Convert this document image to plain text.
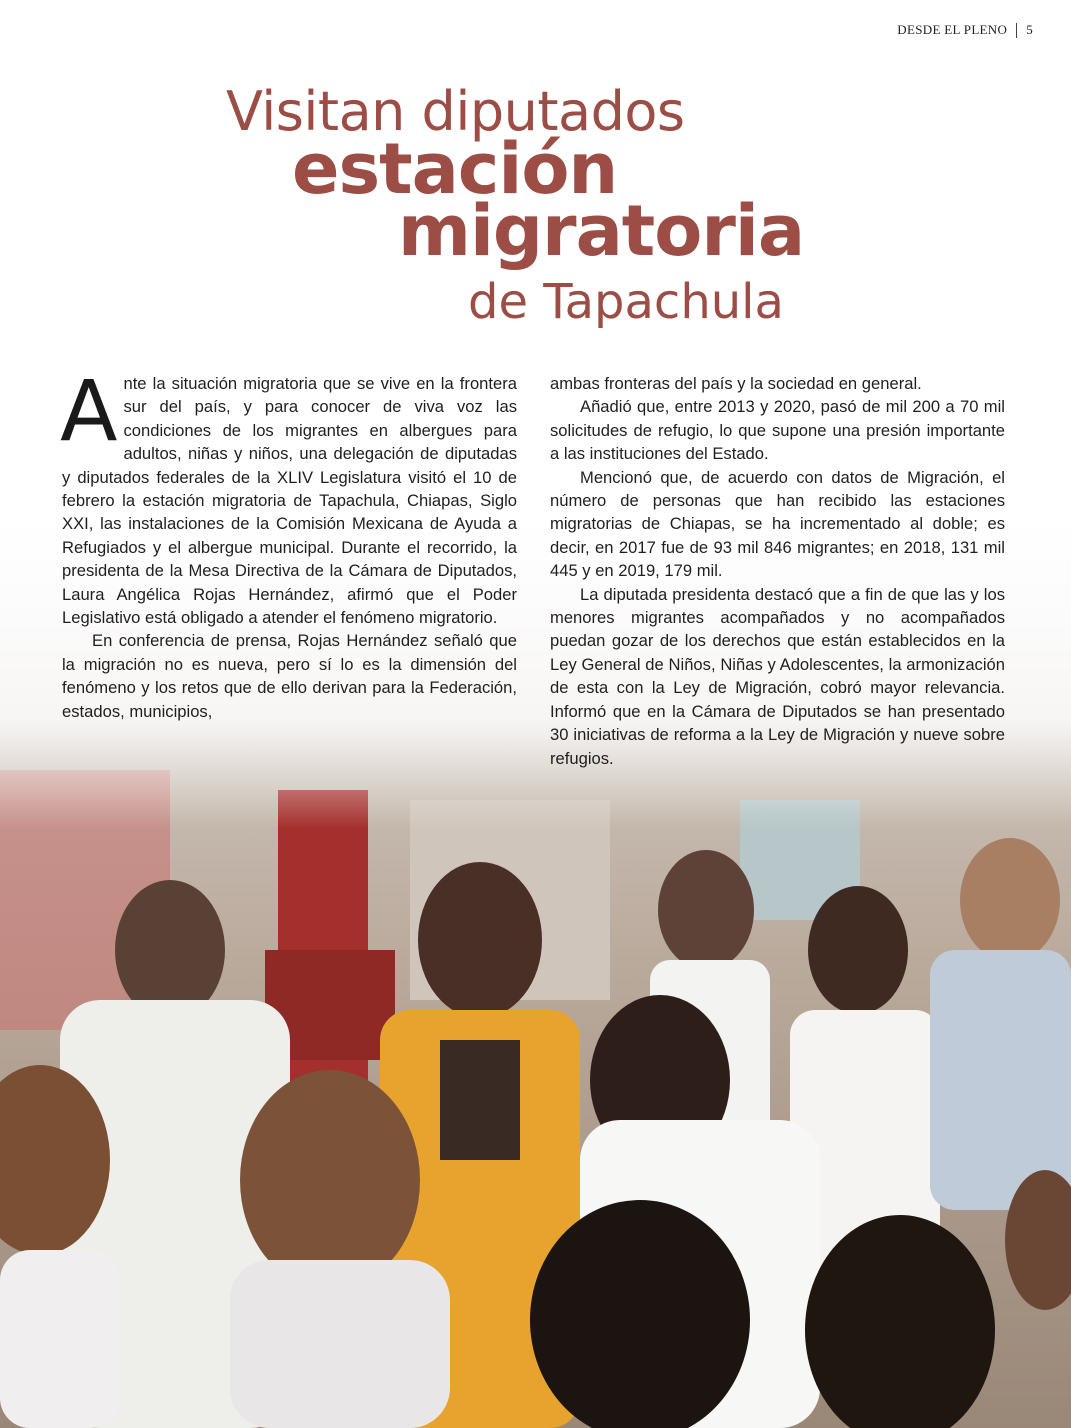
DESDE EL PLENO 5
Visitan diputados
estación
migratoria
de Tapachula

Ante la situación migratoria que se vive en la frontera sur del país, y para conocer de viva voz las condiciones de los migrantes en albergues para adultos, niñas y niños, una delegación de diputadas y diputados federales de la XLIV Legislatura visitó el 10 de febrero la estación migratoria de Tapachula, Chiapas, Siglo XXI, las instalaciones de la Comisión Mexicana de Ayuda a Refugiados y el albergue municipal. Durante el recorrido, la presidenta de la Mesa Directiva de la Cámara de Diputados, Laura Angélica Rojas Hernández, afirmó que el Poder Legislativo está obligado a atender el fenómeno migratorio.

En conferencia de prensa, Rojas Hernández señaló que la migración no es nueva, pero sí lo es la dimensión del fenómeno y los retos que de ello derivan para la Federación, estados, municipios,

ambas fronteras del país y la sociedad en general.

Añadió que, entre 2013 y 2020, pasó de mil 200 a 70 mil solicitudes de refugio, lo que supone una presión importante a las instituciones del Estado.

Mencionó que, de acuerdo con datos de Migración, el número de personas que han recibido las estaciones migratorias de Chiapas, se ha incrementado al doble; es decir, en 2017 fue de 93 mil 846 migrantes; en 2018, 131 mil 445 y en 2019, 179 mil.

La diputada presidenta destacó que a fin de que las y los menores migrantes acompañados y no acompañados puedan gozar de los derechos que están establecidos en la Ley General de Niños, Niñas y Adolescentes, la armonización de esta con la Ley de Migración, cobró mayor relevancia. Informó que en la Cámara de Diputados se han presentado 30 iniciativas de reforma a la Ley de Migración y nueve sobre refugios.
